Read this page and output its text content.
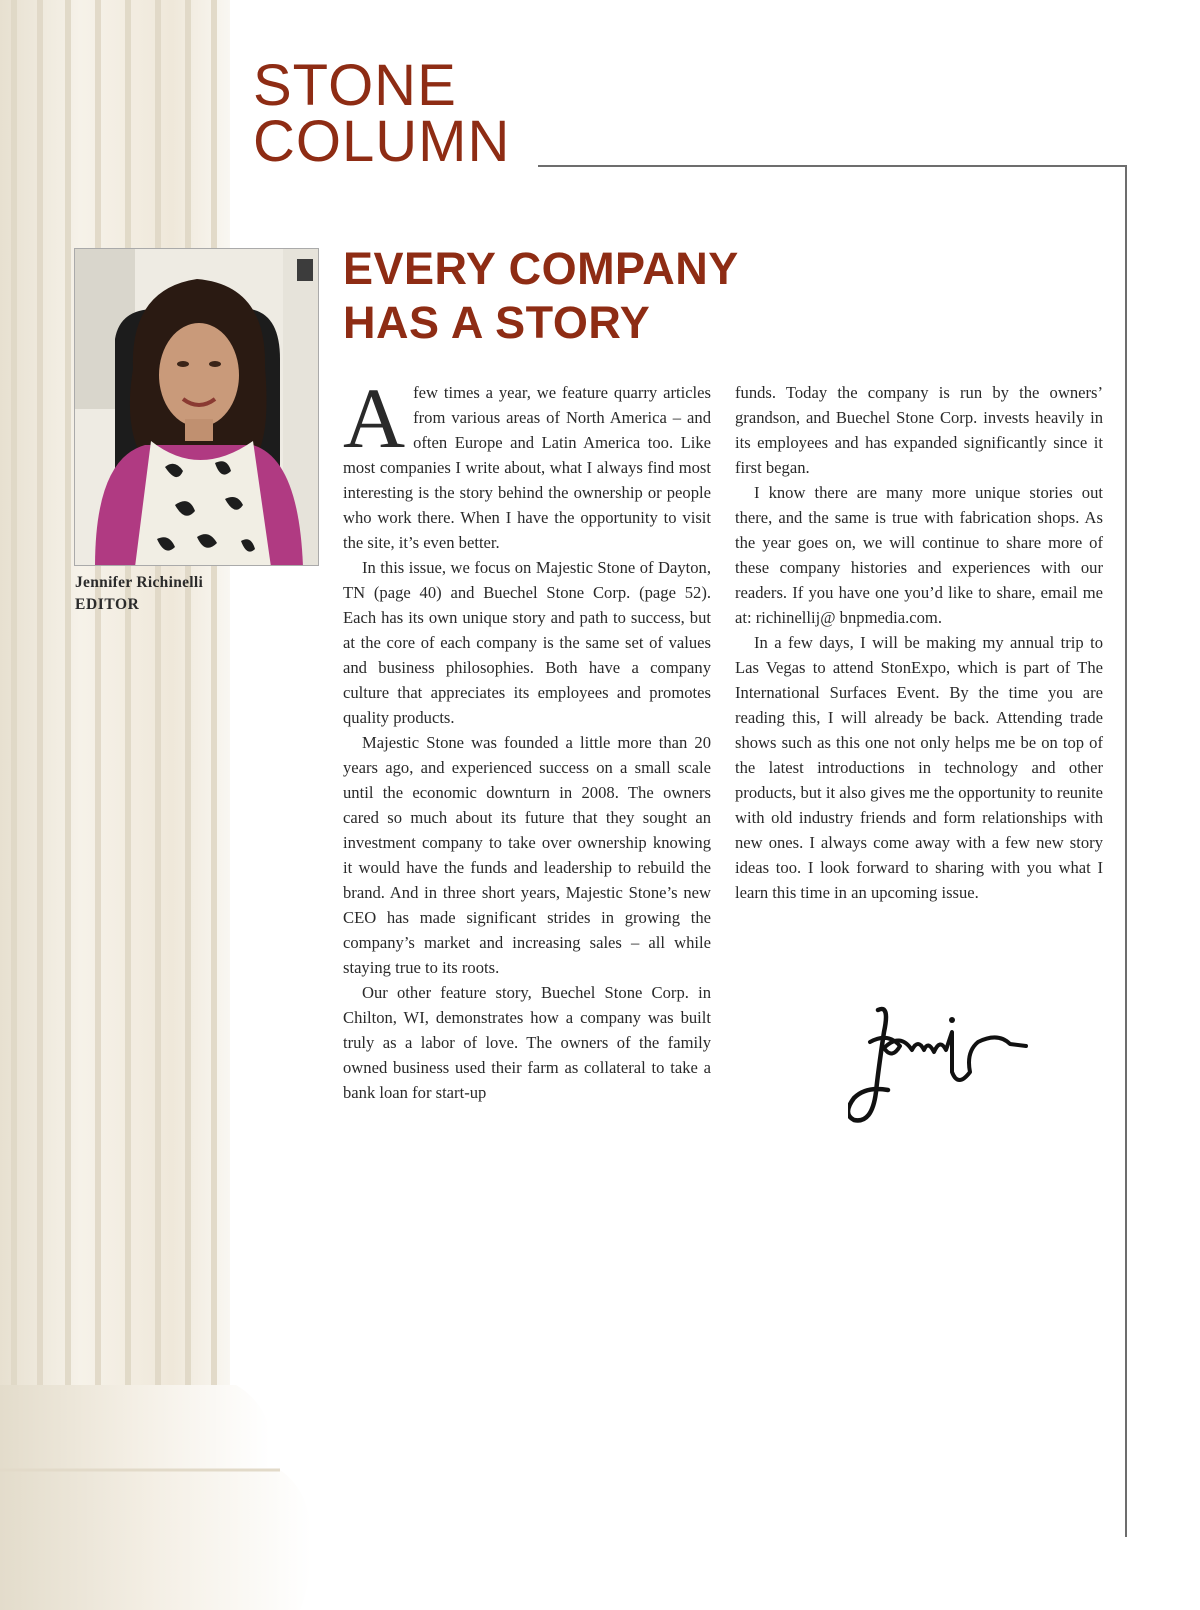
STONE
COLUMN
Jennifer Richinelli
EDITOR
EVERY COMPANY
HAS A STORY

Afew times a year, we feature quarry articles from various areas of North America – and often Europe and Latin America too. Like most companies I write about, what I always find most interesting is the story behind the ownership or people who work there. When I have the opportunity to visit the site, it’s even better.

In this issue, we focus on Majestic Stone of Dayton, TN (page 40) and Buechel Stone Corp. (page 52). Each has its own unique story and path to success, but at the core of each company is the same set of values and business philosophies. Both have a company culture that appreciates its employees and promotes quality products.

Majestic Stone was founded a little more than 20 years ago, and experienced success on a small scale until the economic downturn in 2008. The owners cared so much about its future that they sought an investment company to take over ownership knowing it would have the funds and leadership to rebuild the brand. And in three short years, Majestic Stone’s new CEO has made significant strides in growing the company’s market and increasing sales – all while staying true to its roots.

Our other feature story, Buechel Stone Corp. in Chilton, WI, demonstrates how a company was built truly as a labor of love. The owners of the family owned business used their farm as collateral to take a bank loan for start-up

funds. Today the company is run by the owners’ grandson, and Buechel Stone Corp. invests heavily in its employees and has expanded significantly since it first began.

I know there are many more unique stories out there, and the same is true with fabrication shops. As the year goes on, we will continue to share more of these company histories and experiences with our readers. If you have one you’d like to share, email me at: richinellij@ bnpmedia.com.

In a few days, I will be making my annual trip to Las Vegas to attend StonExpo, which is part of The International Surfaces Event. By the time you are reading this, I will already be back. Attending trade shows such as this one not only helps me be on top of the latest introductions in technology and other products, but it also gives me the opportunity to reunite with old industry friends and form relationships with new ones. I always come away with a few new story ideas too. I look forward to sharing with you what I learn this time in an upcoming issue.
